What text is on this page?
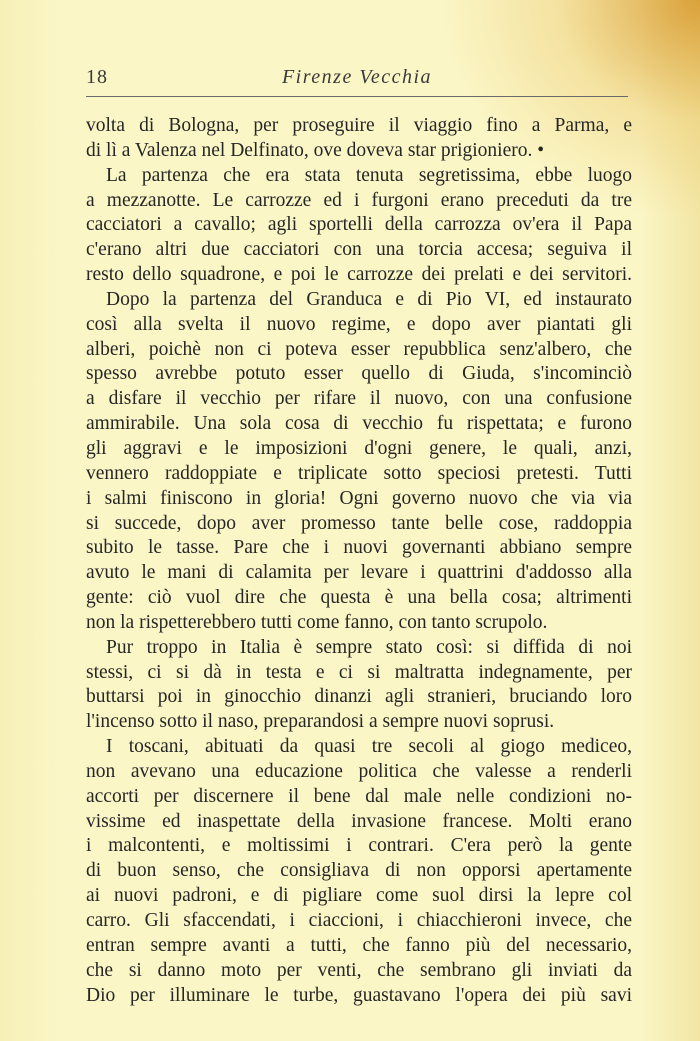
18	Firenze Vecchia
volta di Bologna, per proseguire il viaggio fino a Parma, e
di lì a Valenza nel Delfinato, ove doveva star prigioniero. •
La partenza che era stata tenuta segretissima, ebbe luogo
a mezzanotte. Le carrozze ed i furgoni erano preceduti da tre
cacciatori a cavallo; agli sportelli della carrozza ov'era il Papa
c'erano altri due cacciatori con una torcia accesa; seguiva il
resto dello squadrone, e poi le carrozze dei prelati e dei servitori.
Dopo la partenza del Granduca e di Pio VI, ed instaurato
così alla svelta il nuovo regime, e dopo aver piantati gli
alberi, poichè non ci poteva esser repubblica senz'albero, che
spesso avrebbe potuto esser quello di Giuda, s'incominciò
a disfare il vecchio per rifare il nuovo, con una confusione
ammirabile. Una sola cosa di vecchio fu rispettata; e furono
gli aggravi e le imposizioni d'ogni genere, le quali, anzi,
vennero raddoppiate e triplicate sotto speciosi pretesti. Tutti
i salmi finiscono in gloria! Ogni governo nuovo che via via
si succede, dopo aver promesso tante belle cose, raddoppia
subito le tasse. Pare che i nuovi governanti abbiano sempre
avuto le mani di calamita per levare i quattrini d'addosso alla
gente: ciò vuol dire che questa è una bella cosa; altrimenti
non la rispetterebbero tutti come fanno, con tanto scrupolo.
Pur troppo in Italia è sempre stato così: si diffida di noi
stessi, ci si dà in testa e ci si maltratta indegnamente, per
buttarsi poi in ginocchio dinanzi agli stranieri, bruciando loro
l'incenso sotto il naso, preparandosi a sempre nuovi soprusi.
I toscani, abituati da quasi tre secoli al giogo mediceo,
non avevano una educazione politica che valesse a renderli
accorti per discernere il bene dal male nelle condizioni no-
vissime ed inaspettate della invasione francese. Molti erano
i malcontenti, e moltissimi i contrari. C'era però la gente
di buon senso, che consigliava di non opporsi apertamente
ai nuovi padroni, e di pigliare come suol dirsi la lepre col
carro. Gli sfaccendati, i ciaccioni, i chiacchieroni invece, che
entran sempre avanti a tutti, che fanno più del necessario,
che si danno moto per venti, che sembrano gli inviati da
Dio per illuminare le turbe, guastavano l'opera dei più savi
